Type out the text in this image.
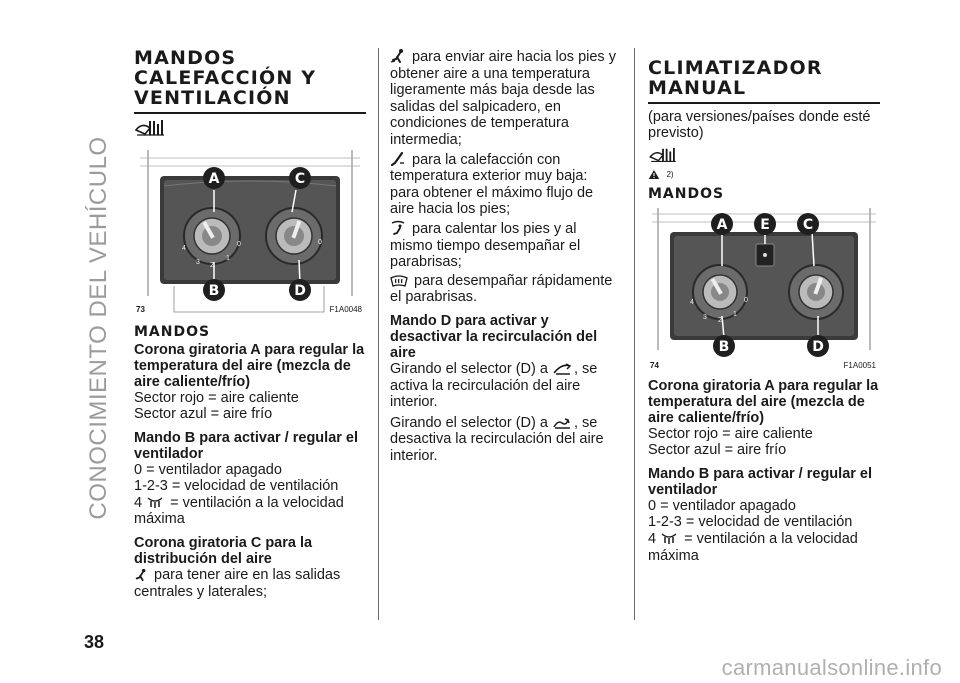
CONOCIMIENTO DEL VEHÍCULO
38
MANDOS
CALEFACCIÓN Y
VENTILACIÓN
3
1
0
4
2
0
A	C
B	D
73	F1A0048
MANDOS
Corona giratoria A para regular la temperatura del aire (mezcla de aire caliente/frío)

Sector rojo = aire caliente

Sector azul = aire frío

Mando B para activar / regular el ventilador

0 = ventilador apagado

1-2-3 = velocidad de ventilación

4 = ventilación a la velocidad máxima

Corona giratoria C para la distribución del aire

para tener aire en las salidas centrales y laterales;

para enviar aire hacia los pies y obtener aire a una temperatura ligeramente más baja desde las salidas del salpicadero, en condiciones de temperatura intermedia;

para la calefacción con temperatura exterior muy baja: para obtener el máximo flujo de aire hacia los pies;

para calentar los pies y al mismo tiempo desempañar el parabrisas;

para desempañar rápidamente el parabrisas.

Mando D para activar y desactivar la recirculación del aire

Girando el selector (D) a , se activa la recirculación del aire interior.

Girando el selector (D) a , se desactiva la recirculación del aire interior.

CLIMATIZADOR
MANUAL

(para versiones/países donde esté previsto)

2)
MANDOS
3	1
0
4
2
A E C
B	D
74	F1A0051
Corona giratoria A para regular la temperatura del aire (mezcla de aire caliente/frío)

Sector rojo = aire caliente

Sector azul = aire frío

Mando B para activar / regular el ventilador

0 = ventilador apagado

1-2-3 = velocidad de ventilación

4 = ventilación a la velocidad máxima

carmanualsonline.info
